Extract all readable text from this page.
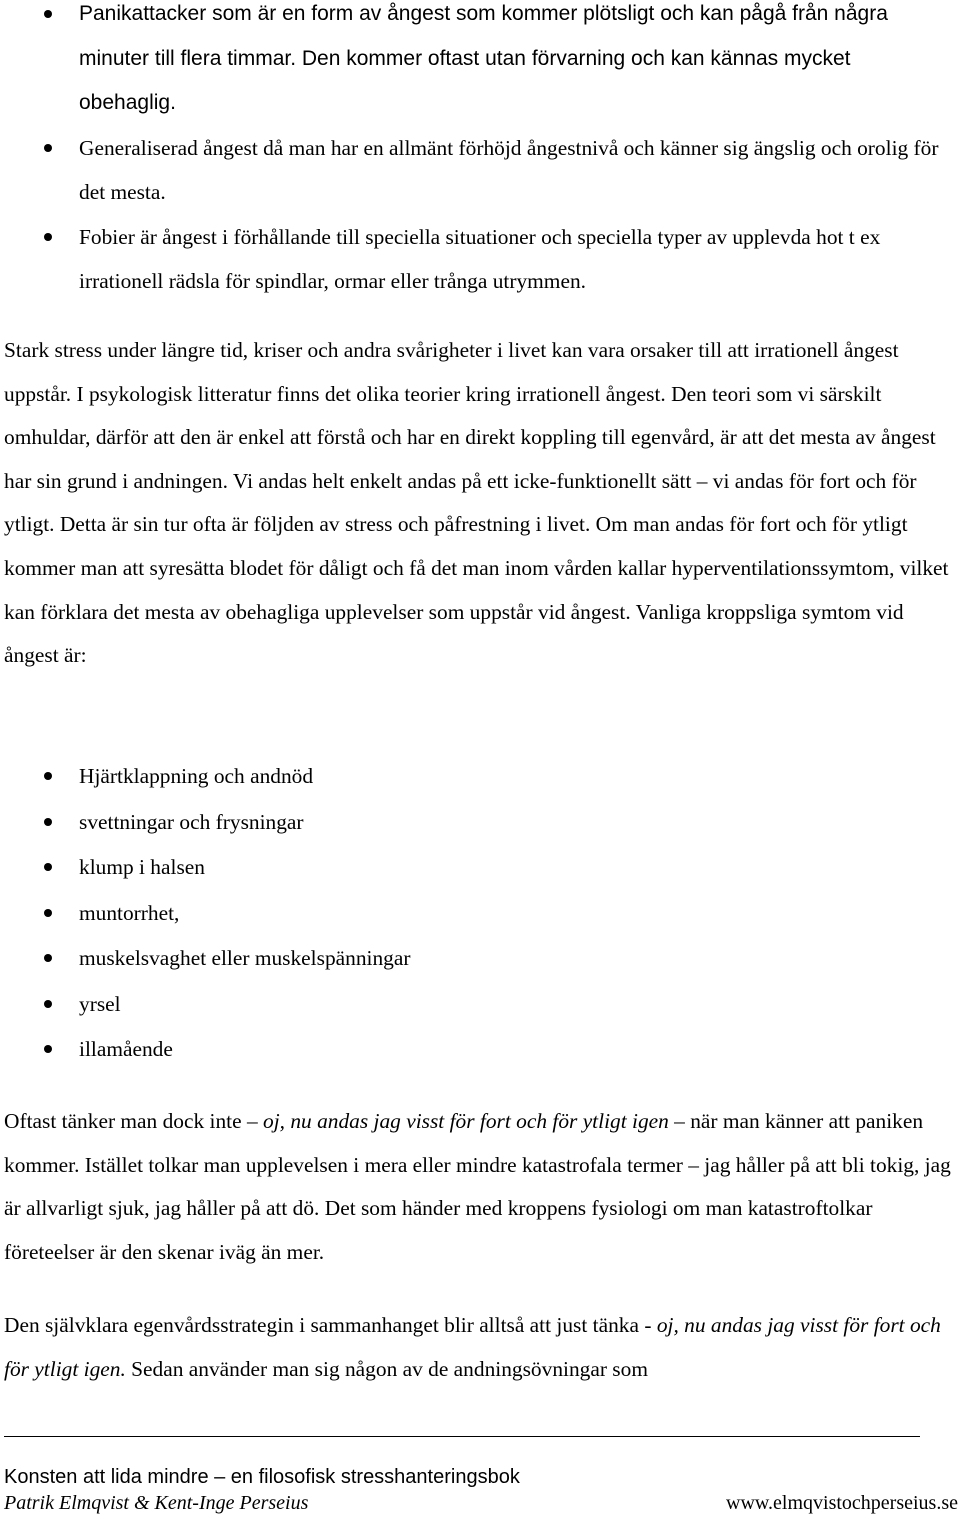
Panikattacker som är en form av ångest som kommer plötsligt och kan pågå från några minuter till flera timmar. Den kommer oftast utan förvarning och kan kännas mycket obehaglig.
Generaliserad ångest då man har en allmänt förhöjd ångestnivå och känner sig ängslig och orolig för det mesta.
Fobier är ångest i förhållande till speciella situationer och speciella typer av upplevda hot t ex irrationell rädsla för spindlar, ormar eller trånga utrymmen.

Stark stress under längre tid, kriser och andra svårigheter i livet kan vara orsaker till att irrationell ångest uppstår. I psykologisk litteratur finns det olika teorier kring irrationell ångest. Den teori som vi särskilt omhuldar, därför att den är enkel att förstå och har en direkt koppling till egenvård, är att det mesta av ångest har sin grund i andningen. Vi andas helt enkelt andas på ett icke-funktionellt sätt – vi andas för fort och för ytligt. Detta är sin tur ofta är följden av stress och påfrestning i livet. Om man andas för fort och för ytligt kommer man att syresätta blodet för dåligt och få det man inom vården kallar hyperventilationssymtom, vilket kan förklara det mesta av obehagliga upplevelser som uppstår vid ångest. Vanliga kroppsliga symtom vid ångest är:

Hjärtklappning och andnöd
svettningar och frysningar
klump i halsen
muntorrhet,
muskelsvaghet eller muskelspänningar
yrsel
illamående

Oftast tänker man dock inte – oj, nu andas jag visst för fort och för ytligt igen – när man känner att paniken kommer. Istället tolkar man upplevelsen i mera eller mindre katastrofala termer – jag håller på att bli tokig, jag är allvarligt sjuk, jag håller på att dö. Det som händer med kroppens fysiologi om man katastroftolkar företeelser är den skenar iväg än mer.

Den självklara egenvårdsstrategin i sammanhanget blir alltså att just tänka - oj, nu andas jag visst för fort och för ytligt igen. Sedan använder man sig någon av de andningsövningar som

Konsten att lida mindre – en filosofisk stresshanteringsbok
Patrik Elmqvist & Kent-Inge Perseius	www.elmqvistochperseius.se
